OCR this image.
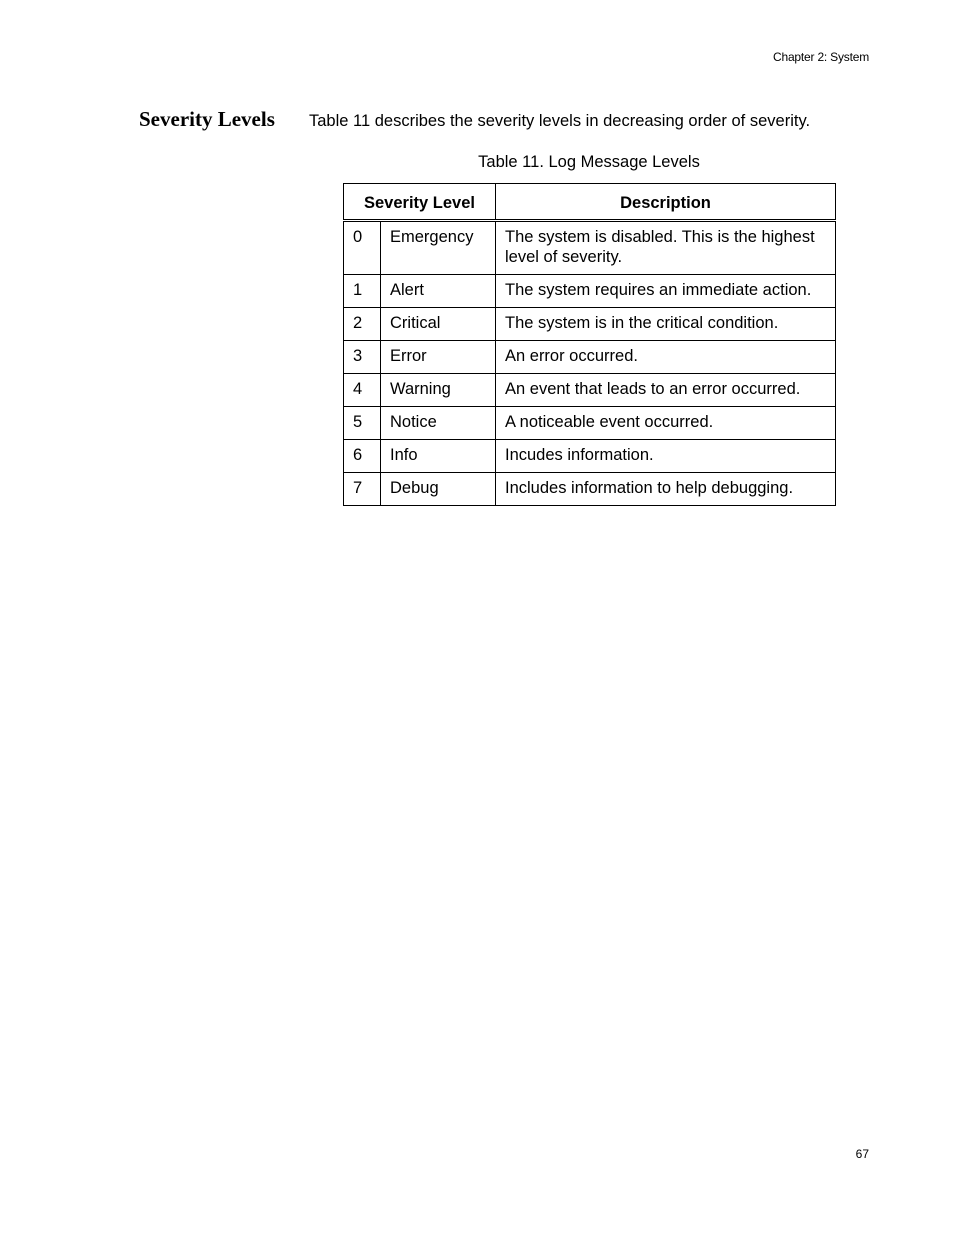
Chapter 2: System
Severity Levels Table 11 describes the severity levels in decreasing order of severity.
Table 11. Log Message Levels
Severity Level		Description
0	Emergency	The system is disabled. This is the highest level of severity.
1	Alert	The system requires an immediate action.
2	Critical	The system is in the critical condition.
3	Error	An error occurred.
4	Warning	An event that leads to an error occurred.
5	Notice	A noticeable event occurred.
6	Info	Incudes information.
7	Debug	Includes information to help debugging.
67
